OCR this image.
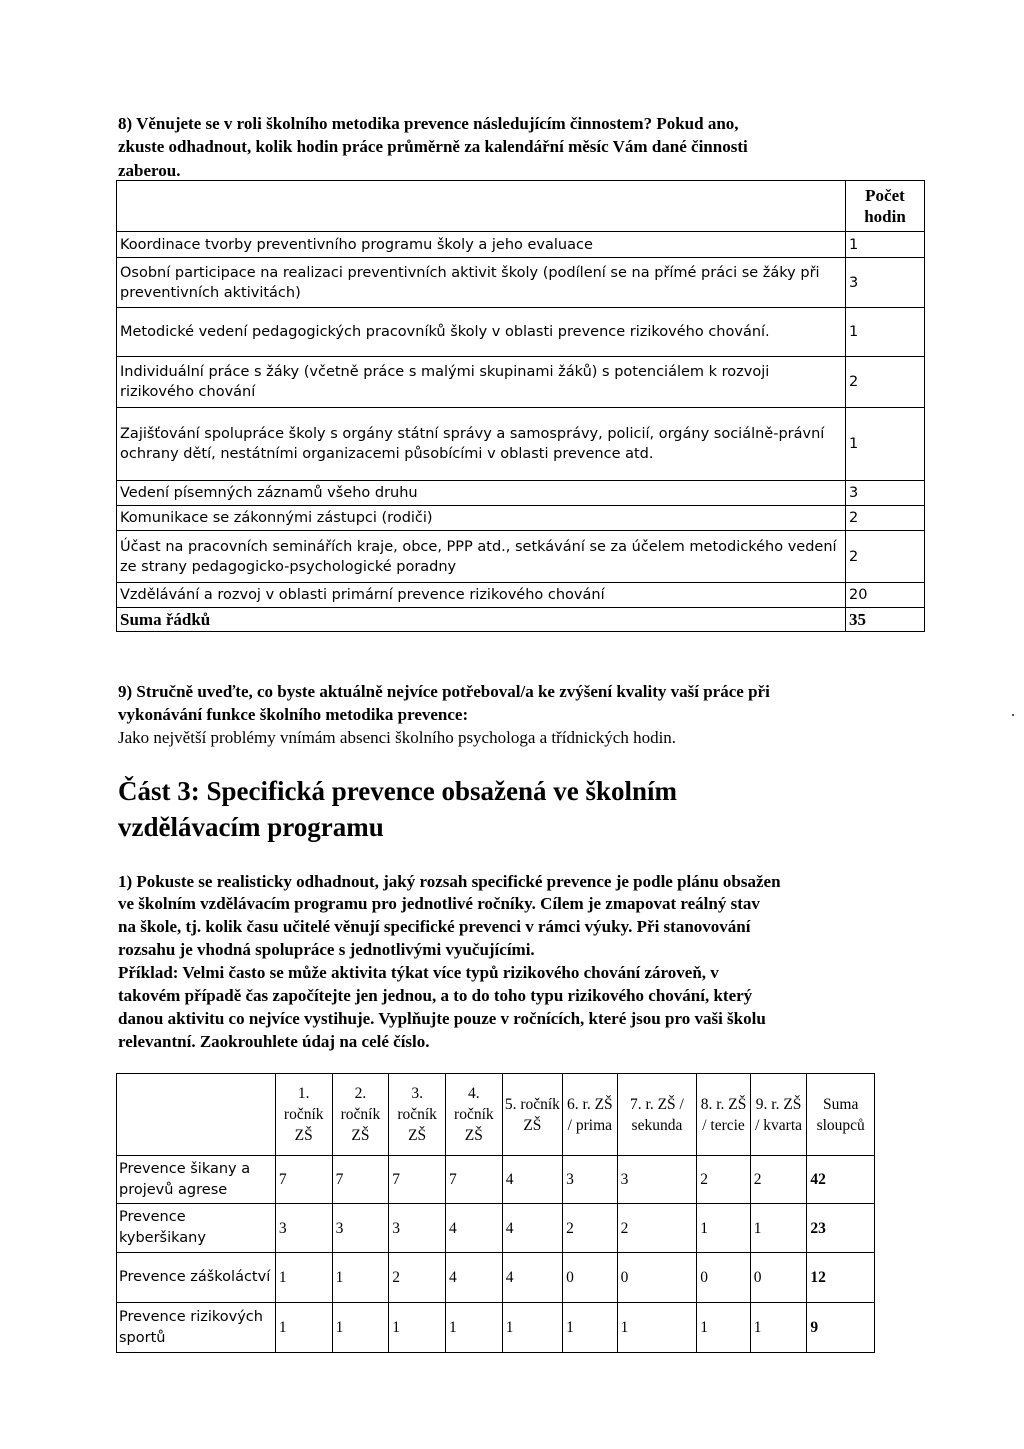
8) Věnujete se v roli školního metodika prevence následujícím činnostem? Pokud ano,

zkuste odhadnout, kolik hodin práce průměrně za kalendářní měsíc Vám dané činnosti

zaberou.

	Počet hodin
Koordinace tvorby preventivního programu školy a jeho evaluace	1
Osobní participace na realizaci preventivních aktivit školy (podílení se na přímé práci se žáky při preventivních aktivitách)	3
Metodické vedení pedagogických pracovníků školy v oblasti prevence rizikového chování.	1
Individuální práce s žáky (včetně práce s malými skupinami žáků) s potenciálem k rozvoji rizikového chování	2
Zajišťování spolupráce školy s orgány státní správy a samosprávy, policií, orgány sociálně-právní ochrany dětí, nestátními organizacemi působícími v oblasti prevence atd.	1
Vedení písemných záznamů všeho druhu	3
Komunikace se zákonnými zástupci (rodiči)	2
Účast na pracovních seminářích kraje, obce, PPP atd., setkávání se za účelem metodického vedení ze strany pedagogicko-psychologické poradny	2
Vzdělávání a rozvoj v oblasti primární prevence rizikového chování	20
Suma řádků	35

9) Stručně uveďte, co byste aktuálně nejvíce potřeboval/a ke zvýšení kvality vaší práce při

vykonávání funkce školního metodika prevence:

Jako největší problémy vnímám absenci školního psychologa a třídnických hodin.

Část 3: Specifická prevence obsažená ve školním
vzdělávacím programu

1) Pokuste se realisticky odhadnout, jaký rozsah specifické prevence je podle plánu obsažen

ve školním vzdělávacím programu pro jednotlivé ročníky. Cílem je zmapovat reálný stav

na škole, tj. kolik času učitelé věnují specifické prevenci v rámci výuky. Při stanovování

rozsahu je vhodná spolupráce s jednotlivými vyučujícími.

Příklad: Velmi často se může aktivita týkat více typů rizikového chování zároveň, v

takovém případě čas započítejte jen jednou, a to do toho typu rizikového chování, který

danou aktivitu co nejvíce vystihuje. Vyplňujte pouze v ročnících, které jsou pro vaši školu

relevantní. Zaokrouhlete údaj na celé číslo.

	1. ročník ZŠ	2. ročník ZŠ	3. ročník ZŠ	4. ročník ZŠ	5. ročník ZŠ	6. r. ZŠ / prima	7. r. ZŠ / sekunda	8. r. ZŠ / tercie	9. r. ZŠ / kvarta	Suma sloupců
Prevence šikany a projevů agrese	7	7	7	7	4	3	3	2	2	42
Prevence kyberšikany	3	3	3	4	4	2	2	1	1	23
Prevence záškoláctví	1	1	2	4	4	0	0	0	0	12
Prevence rizikových sportů	1	1	1	1	1	1	1	1	1	9
